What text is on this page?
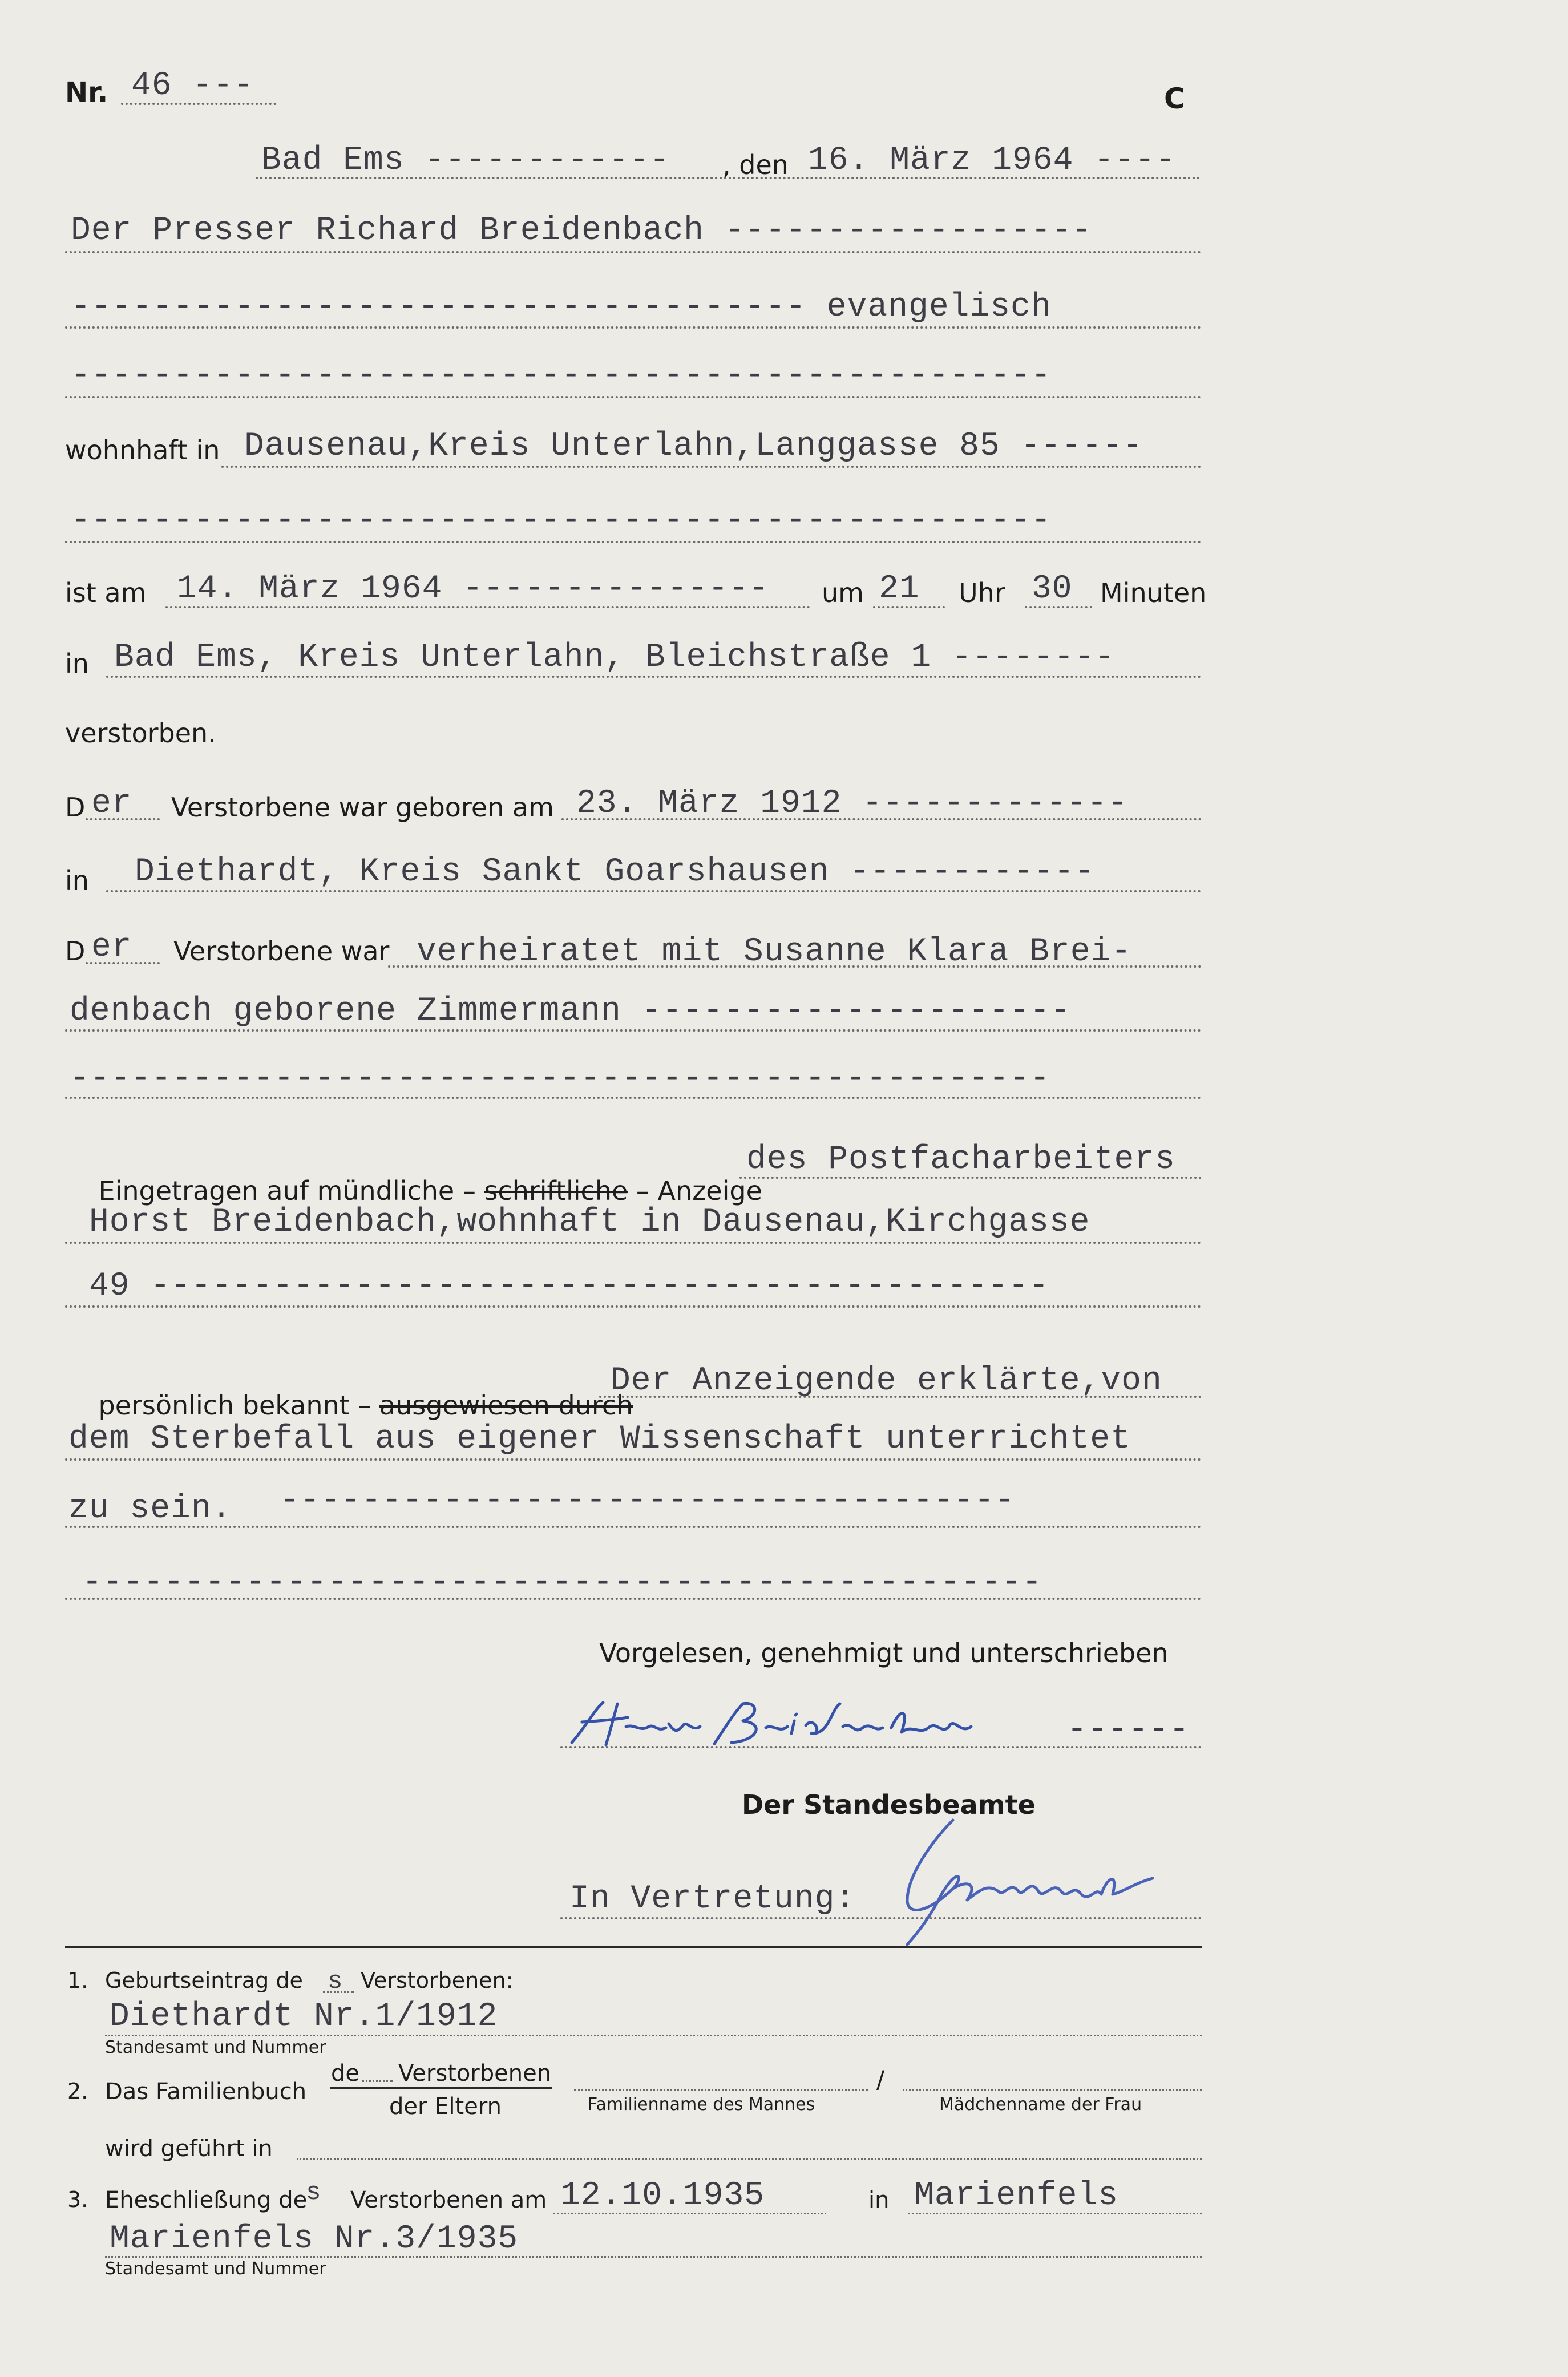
Nr. 46 ---	C
Bad Ems ------------ , den 16. März 1964 ----
Der Presser Richard Breidenbach ------------------
------------------------------------ evangelisch
------------------------------------------------
wohnhaft in Dausenau,Kreis Unterlahn,Langgasse 85 ------
------------------------------------------------
ist am 14. März 1964 --------------- um 21 Uhr 30 Minuten
in Bad Ems, Kreis Unterlahn, Bleichstraße 1 --------
verstorben.
D er Verstorbene war geboren am 23. März 1912 -------------
in Diethardt, Kreis Sankt Goarshausen ------------
D er Verstorbene war verheiratet mit Susanne Klara Brei-
denbach geborene Zimmermann ---------------------
------------------------------------------------

Eingetragen auf mündliche – schriftliche – Anzeige

des Postfacharbeiters
Horst Breidenbach,wohnhaft in Dausenau,Kirchgasse
49 --------------------------------------------

persönlich bekannt – ausgewiesen durch

Der Anzeigende erklärte,von
dem Sterbefall aus eigener Wissenschaft unterrichtet
zu sein. ------------------------------------
-----------------------------------------------
Vorgelesen, genehmigt und unterschrieben
------
Der Standesbeamte
In Vertretung:
1. Geburtseintrag de s Verstorbenen:
Diethardt Nr.1/1912
Standesamt und Nummer
2. Das Familienbuch
de Verstorbenen
der Eltern
/
Familienname des Mannes	Mädchenname der Frau
wird geführt in
3. Eheschließung de
s Verstorbenen am 12.10.1935	in Marienfels
Marienfels Nr.3/1935
Standesamt und Nummer
